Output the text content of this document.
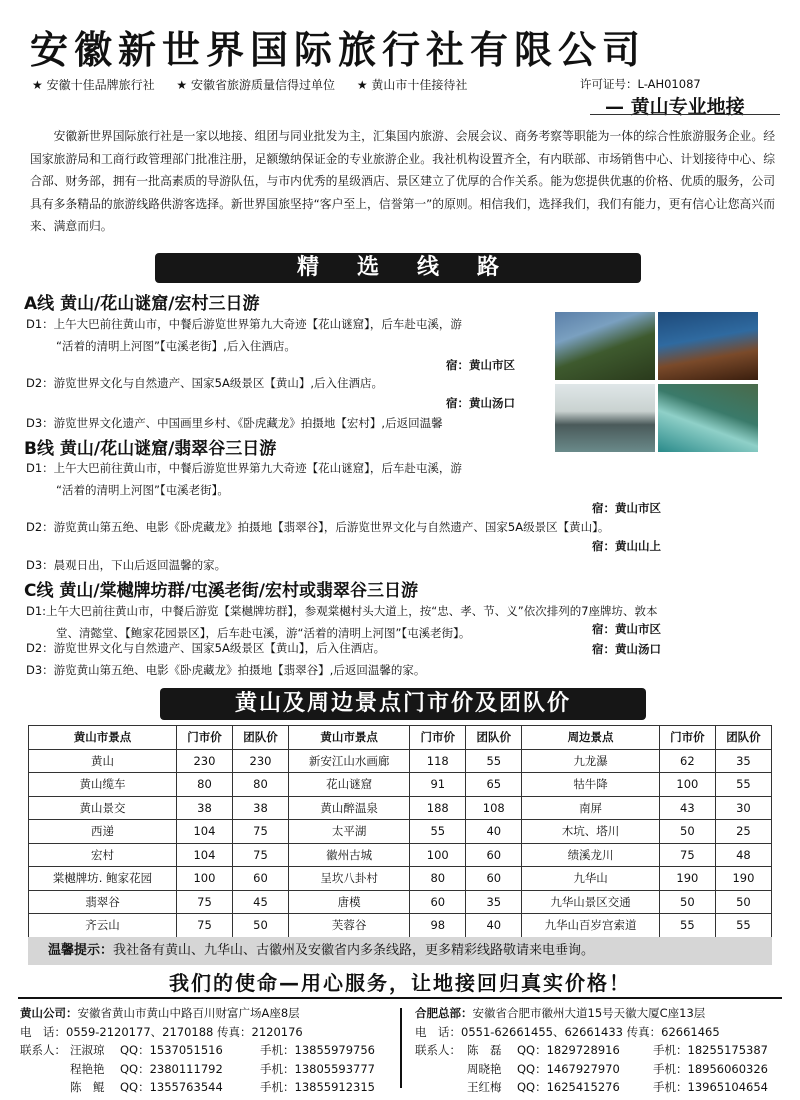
安徽新世界国际旅行社有限公司
★ 安徽十佳品牌旅行社 ★ 安徽省旅游质量信得过单位 ★ 黄山市十佳接待社	许可证号：L-AH01087
— 黄山专业地接
安徽新世界国际旅行社是一家以地接、组团与同业批发为主，汇集国内旅游、会展会议、商务考察等职能为一体的综合性旅游服务企业。经国家旅游局和工商行政管理部门批准注册，足额缴纳保证金的专业旅游企业。我社机构设置齐全，有内联部、市场销售中心、计划接待中心、综合部、财务部，拥有一批高素质的导游队伍，与市内优秀的星级酒店、景区建立了优厚的合作关系。能为您提供优惠的价格、优质的服务，公司具有多条精品的旅游线路供游客选择。新世界国旅坚持“客户至上，信誉第一”的原则。相信我们，选择我们，我们有能力，更有信心让您高兴而来、满意而归。
精选线路
A线 黄山/花山谜窟/宏村三日游
D1：上午大巴前往黄山市，中餐后游览世界第九大奇迹【花山谜窟】，后车赴屯溪，游
“活着的清明上河图”【屯溪老街】,后入住酒店。
宿：黄山市区
D2：游览世界文化与自然遗产、国家5A级景区【黄山】,后入住酒店。
宿：黄山汤口
D3：游览世界文化遗产、中国画里乡村、《卧虎藏龙》拍摄地【宏村】,后返回温馨
B线 黄山/花山谜窟/翡翠谷三日游
D1：上午大巴前往黄山市，中餐后游览世界第九大奇迹【花山谜窟】，后车赴屯溪，游
“活着的清明上河图”【屯溪老街】。
宿：黄山市区
D2：游览黄山第五绝、电影《卧虎藏龙》拍摄地【翡翠谷】，后游览世界文化与自然遗产、国家5A级景区【黄山】。
宿：黄山山上
D3：晨观日出，下山后返回温馨的家。
C线 黄山/棠樾牌坊群/屯溪老街/宏村或翡翠谷三日游
D1:上午大巴前往黄山市，中餐后游览【棠樾牌坊群】，参观棠樾村头大道上，按“忠、孝、节、义”依次排列的7座牌坊、敦本
堂、清懿堂、【鲍家花园景区】，后车赴屯溪，游“活着的清明上河图”【屯溪老街】。	宿：黄山市区
D2：游览世界文化与自然遗产、国家5A级景区【黄山】，后入住酒店。	宿：黄山汤口
D3：游览黄山第五绝、电影《卧虎藏龙》拍摄地【翡翠谷】,后返回温馨的家。
黄山及周边景点门市价及团队价
黄山市景点	门市价	团队价	黄山市景点	门市价	团队价	周边景点	门市价	团队价
黄山	230	230	新安江山水画廊	118	55	九龙瀑	62	35
黄山缆车	80	80	花山谜窟	91	65	牯牛降	100	55
黄山景交	38	38	黄山醉温泉	188	108	南屏	43	30
西递	104	75	太平湖	55	40	木坑、塔川	50	25
宏村	104	75	徽州古城	100	60	绩溪龙川	75	48
棠樾牌坊. 鲍家花园	100	60	呈坎八卦村	80	60	九华山	190	190
翡翠谷	75	45	唐模	60	35	九华山景区交通	50	50
齐云山	75	50	芙蓉谷	98	40	九华山百岁宫索道	55	55
温馨提示：我社备有黄山、九华山、古徽州及安徽省内多条线路，更多精彩线路敬请来电垂询。
我们的使命—用心服务，让地接回归真实价格！
黄山公司：安徽省黄山市黄山中路百川财富广场A座8层
电　话：0559-2120177、2170188 传真：2120176
联系人： 汪淑琼 QQ：1537051516	手机：13855979756
程艳艳 QQ：2380111792	手机：13805593777
陈　鲲 QQ：1355763544	手机：13855912315
合肥总部：安徽省合肥市徽州大道15号天徽大厦C座13层
电　话：0551-62661455、62661433 传真：62661465
联系人： 陈　磊 QQ：1829728916	手机：18255175387
周晓艳 QQ：1467927970	手机：18956060326
王红梅 QQ：1625415276	手机：13965104654
